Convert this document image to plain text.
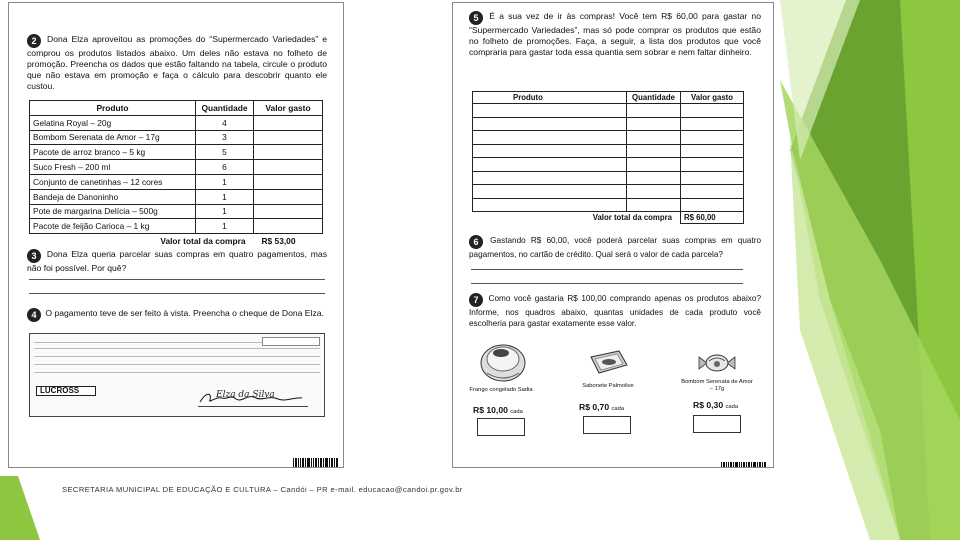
2 Dona Elza aproveitou as promoções do “Supermercado Variedades” e comprou os produtos listados abaixo. Um deles não estava no folheto de promoção. Preencha os dados que estão faltando na tabela, circule o produto que não estava em promoção e faça o cálculo para descobrir quanto ele custou.

Produto	Quantidade	Valor gasto
Gelatina Royal – 20g	4	
Bombom Serenata de Amor – 17g	3	
Pacote de arroz branco – 5 kg	5	
Suco Fresh – 200 ml	6	
Conjunto de canetinhas – 12 cores	1	
Bandeja de Danoninho	1	
Pote de margarina Delícia – 500g	1	
Pacote de feijão Carioca – 1 kg	1	
Valor total da compra		R$ 53,00

3 Dona Elza queria parcelar suas compras em quatro pagamentos, mas não foi possível. Por quê?

4 O pagamento teve de ser feito à vista. Preencha o cheque de Dona Elza.

LUCROSS	Elza da Silva

5 É a sua vez de ir às compras! Você tem R$ 60,00 para gastar no “Supermercado Variedades”, mas só pode comprar os produtos que estão no folheto de promoções. Faça, a seguir, a lista dos produtos que você compraria para gastar toda essa quantia sem sobrar e nem faltar dinheiro.

Produto	Quantidade	Valor gasto

Valor total da compra		R$ 60,00

6 Gastando R$ 60,00, você poderá parcelar suas compras em quatro pagamentos, no cartão de crédito. Qual será o valor de cada parcela?

7 Como você gastaria R$ 100,00 comprando apenas os produtos abaixo? Informe, nos quadros abaixo, quantas unidades de cada produto você escolheria para gastar exatamente esse valor.

Frango congelado Sadia
R$ 10,00 cada
Sabonete Palmolive
R$ 0,70 cada
Bombom Serenata de Amor – 17g
R$ 0,30 cada
SECRETARIA MUNICIPAL DE EDUCAÇÃO E CULTURA – Candói – PR e-mail. educacao@candoi.pr.gov.br
